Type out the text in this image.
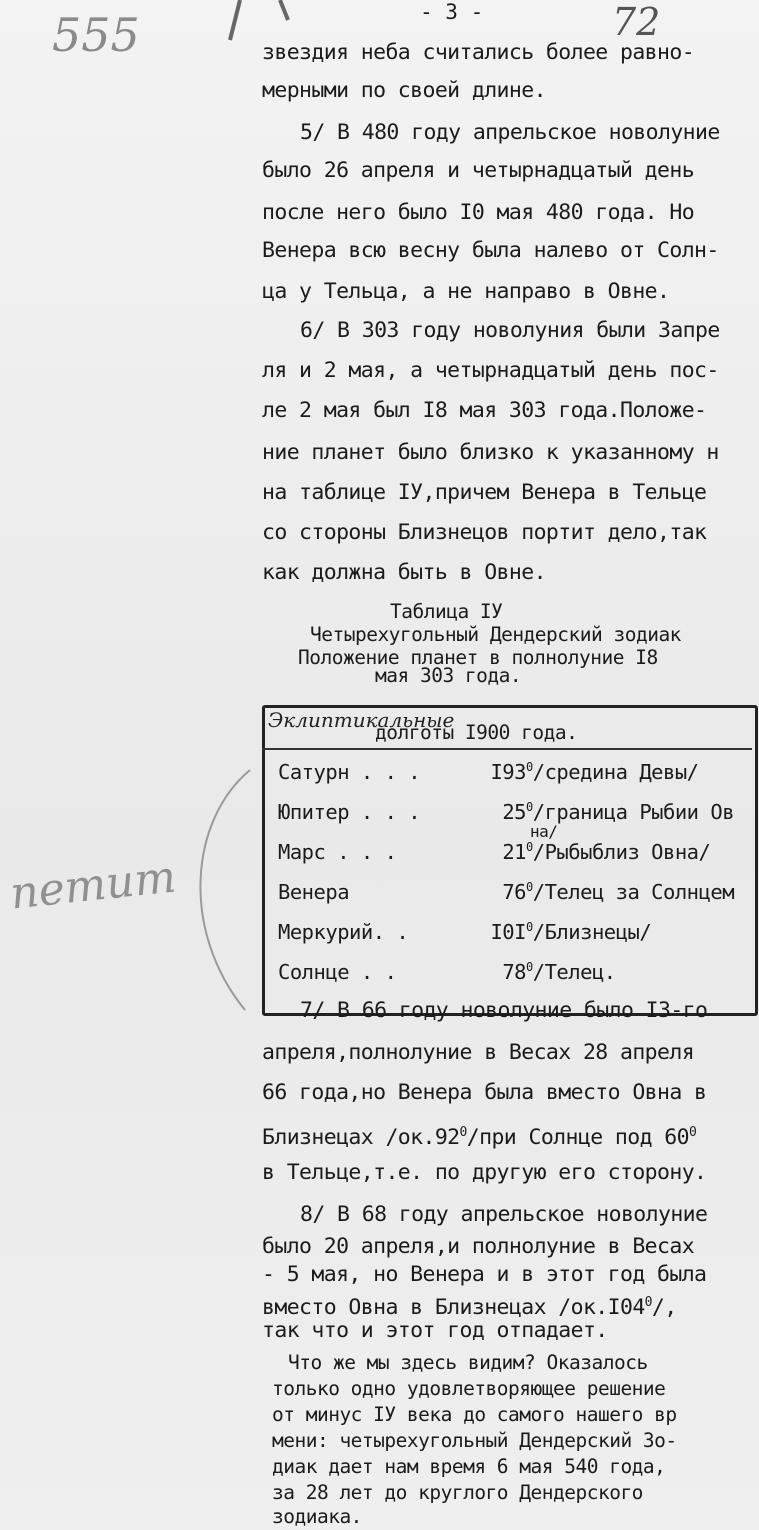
555	72
- 3 -
звездия неба считались более равно-
мерными по своей длине.
5/ В 480 году апрельское новолуние
было 26 апреля и четырнадцатый день
после него было I0 мая 480 года. Но
Венера всю весну была налево от Солн-
ца у Тельца, а не направо в Овне.
6/ В 303 году новолуния были Запре
ля и 2 мая, а четырнадцатый день пос-
ле 2 мая был I8 мая 303 года.Положе-
ние планет было близко к указанному н
на таблице IУ,причем Венера в Тельце
со стороны Близнецов портит дело,так
как должна быть в Овне.
Таблица IУ
Четырехугольный Дендерский зодиак
Положение планет в полнолуние I8
мая 303 года.
Эклиптикальные
долготы I900 года.
Сатурн . . .	$I93^0$/средина Девы/
Юпитер . . .	$25^0$/граница Рыбии Ов
на/
Марс . . .	$21^0$/Рыбыблиз Овна/
Венера	$76^0$/Телец за Солнцем
Меркурий. .	$I0I^0/Близнецы/$
Солнце . .	$78^0$/Телец.
петит
7/ В 66 году новолуние было I3-го
апреля,полнолуние в Весах 28 апреля
66 года,но Венера была вместо Овна в
Близнецах $/ок.92^0$/при Солнце под $60^0$
в Тельце,т.е. по другую его сторону.
8/ В 68 году апрельское новолуние
было 20 апреля,и полнолуние в Весах
- 5 мая, но Венера и в этот год была
вместо Овна в Близнецах $/ок.I04^0/$,
так что и этот год отпадает.
Что же мы здесь видим? Оказалось
только одно удовлетворяющее решение
от минус IУ века до самого нашего вр
мени: четырехугольный Дендерский Зо-
диак дает нам время 6 мая 540 года,
за 28 лет до круглого Дендерского
зодиака.
